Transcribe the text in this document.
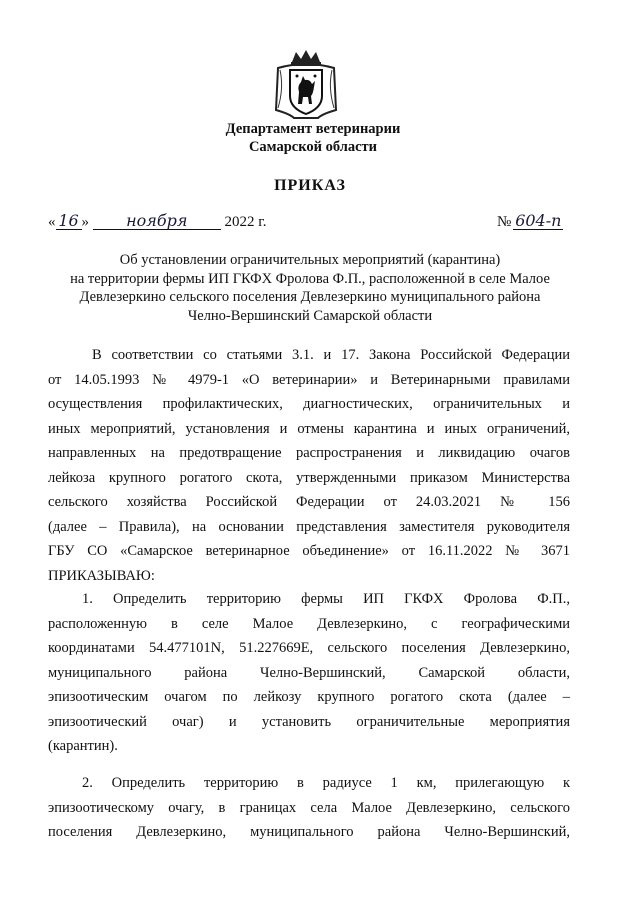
Департамент ветеринарии
Самарской области
ПРИКАЗ
« 16 » ноября 2022 г.	№ 604-п
Об установлении ограничительных мероприятий (карантина)
на территории фермы ИП ГКФХ Фролова Ф.П., расположенной в селе Малое
Девлезеркино сельского поселения Девлезеркино муниципального района
Челно-Вершинский Самарской области
В соответствии со статьями 3.1. и 17. Закона Российской Федерации
от 14.05.1993 № 4979-1 «О ветеринарии» и Ветеринарными правилами
осуществления профилактических, диагностических, ограничительных и
иных мероприятий, установления и отмены карантина и иных ограничений,
направленных на предотвращение распространения и ликвидацию очагов
лейкоза крупного рогатого скота, утвержденными приказом Министерства
сельского хозяйства Российской Федерации от 24.03.2021 № 156
(далее – Правила), на основании представления заместителя руководителя
ГБУ СО «Самарское ветеринарное объединение» от 16.11.2022 № 3671
ПРИКАЗЫВАЮ:
1. Определить территорию фермы ИП ГКФХ Фролова Ф.П.,
расположенную в селе Малое Девлезеркино, с географическими
координатами 54.477101N, 51.227669E, сельского поселения Девлезеркино,
муниципального района Челно-Вершинский, Самарской области,
эпизоотическим очагом по лейкозу крупного рогатого скота (далее –
эпизоотический очаг) и установить ограничительные мероприятия
(карантин).
2. Определить территорию в радиусе 1 км, прилегающую к
эпизоотическому очагу, в границах села Малое Девлезеркино, сельского
поселения Девлезеркино, муниципального района Челно-Вершинский,
